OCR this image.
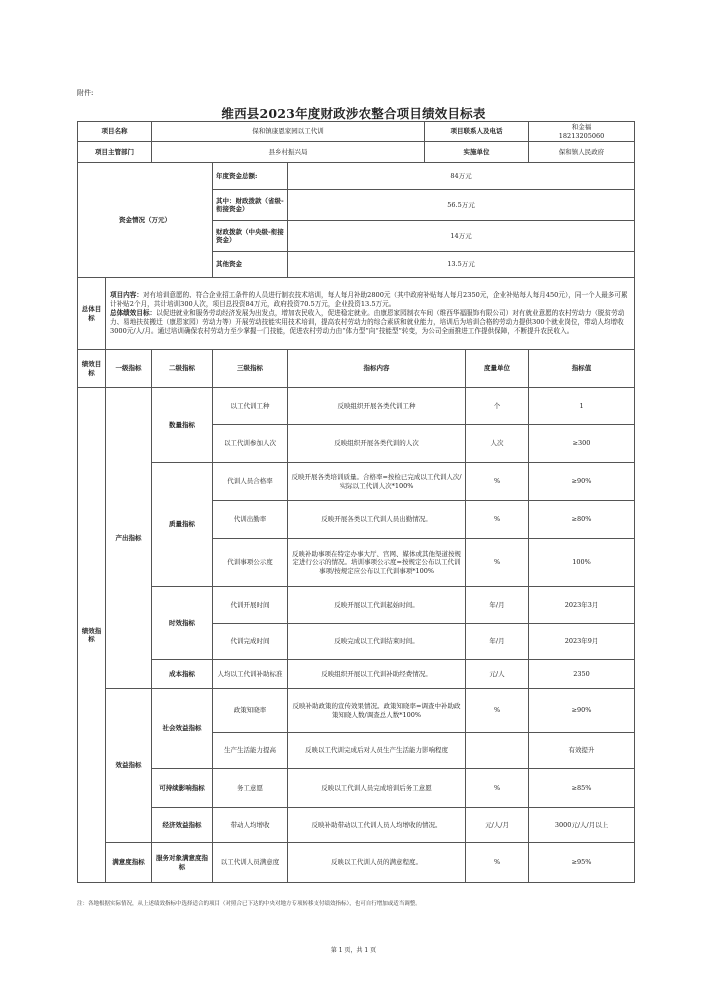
附件:
维西县2023年度财政涉农整合项目绩效目标表
项目名称		保和镇康恩家园以工代训			项目联系人及电话		和金福
18213205060

项目主管部门		县乡村振兴局			实施单位		保和镇人民政府
资金情况（万元）			年度资金总额:	84万元			
			其中：财政拨款（省级-衔接资金）	56.5万元			
			财政拨款（中央级-衔接资金）	14万元			
			其他资金	13.5万元			
总体目标	项目内容：对有培训意愿的、符合企业招工条件的人员进行制衣技术培训，每人每月补助2800元（其中政府补贴每人每月2350元，企业补贴每人每月450元），同一个人最多可累计补贴2个月，共计培训300人次，项目总投资84万元，政府投资70.5万元，企业投资13.5万元。
总体绩效目标：以促进就业和服务劳动经济发展为出发点，增加农民收入，促进稳定就业。由康恩家园制衣车间（维西华福服饰有限公司）对有就业意愿的农村劳动力（脱贫劳动力、易地扶贫搬迁（康恩家园）劳动力等）开展劳动技能实用技术培训，提高农村劳动力的综合素质和就业能力，培训后为培训合格的劳动力提供300个就业岗位，带动人均增收3000元/人/月。通过培训确保农村劳动力至少掌握一门技能，促进农村劳动力由“体力型”向“技能型”转变，为公司全面推进工作提供保障，不断提升农民收入。						
绩效目标	一级指标	二级指标	三级指标	指标内容		度量单位	指标值
绩效指标	产出指标	数量指标	以工代训工种	反映组织开展各类代训工种		个	1
			以工代训参加人次	反映组织开展各类代训的人次		人次	≥300
		质量指标	代训人员合格率	反映开展各类培训质量。合格率=按检已完成以工代训人次/实际以工代训人次*100%		%	≥90%
			代训出勤率	反映开展各类以工代训人员出勤情况。		%	≥80%
			代训事项公示度	反映补助事项在特定办事大厅、官网、媒体或其他渠道按规定进行公示的情况。培训事项公示度=按规定公布以工代训事项/按规定应公布以工代训事项*100%		%	100%
		时效指标	代训开展时间	反映开展以工代训起始时间。		年/月	2023年3月
			代训完成时间	反映完成以工代训结束时间。		年/月	2023年9月
		成本指标	人均以工代训补助标准	反映组织开展以工代训补助经费情况。		元/人	2350
	效益指标	社会效益指标	政策知晓率	反映补助政策的宣传效果情况。政策知晓率=调查中补助政策知晓人数/调查总人数*100%		%	≥90%
			生产生活能力提高	反映以工代训完成后对人员生产生活能力影响程度			有效提升
		可持续影响指标	务工意愿	反映以工代训人员完成培训后务工意愿		%	≥85%
		经济效益指标	带动人均增收	反映补助带动以工代训人员人均增收的情况。		元/人/月	3000元/人/月以上
	满意度指标	服务对象满意度指标	以工代训人员满意度	反映以工代训人员的满意程度。		%	≥95%
注：各地根据实际情况，从上述绩效指标中选择适合的项目（对照合已下达的中央对地方专项转移支付绩效指标），也可自行增加或适当调整。
第 1 页，共 1 页
